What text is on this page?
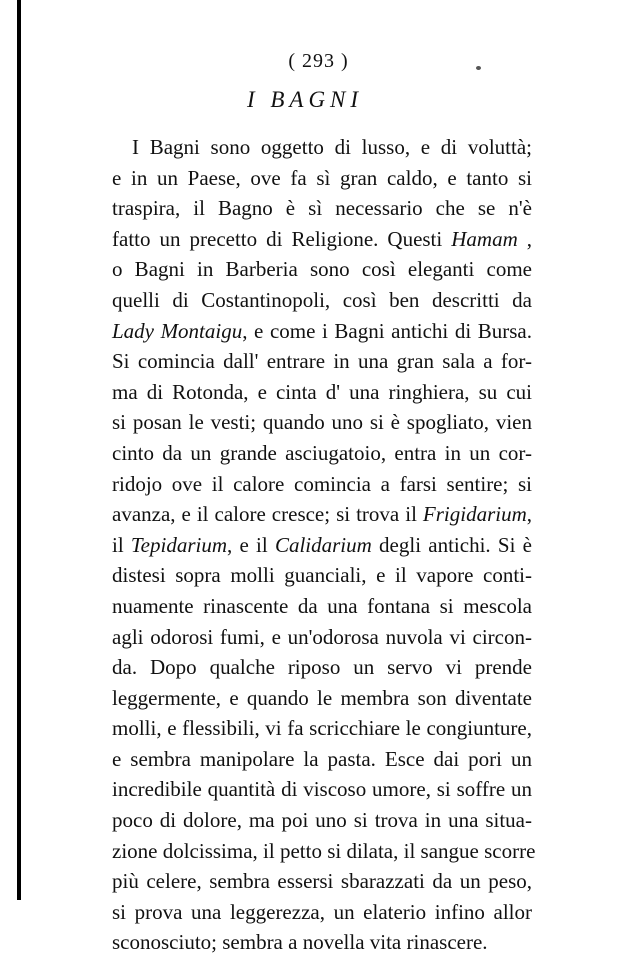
( 293 )
I BAGNI
I Bagni sono oggetto di lusso, e di voluttà;
e in un Paese, ove fa sì gran caldo, e tanto si
traspira, il Bagno è sì necessario che se n'è
fatto un precetto di Religione. Questi Hamam ,
o Bagni in Barberia sono così eleganti come
quelli di Costantinopoli, così ben descritti da
Lady Montaigu, e come i Bagni antichi di Bursa.
Si comincia dall' entrare in una gran sala a for-
ma di Rotonda, e cinta d' una ringhiera, su cui
si posan le vesti; quando uno si è spogliato, vien
cinto da un grande asciugatoio, entra in un cor-
ridojo ove il calore comincia a farsi sentire; si
avanza, e il calore cresce; si trova il Frigidarium,
il Tepidarium, e il Calidarium degli antichi. Si è
distesi sopra molli guanciali, e il vapore conti-
nuamente rinascente da una fontana si mescola
agli odorosi fumi, e un'odorosa nuvola vi circon-
da. Dopo qualche riposo un servo vi prende
leggermente, e quando le membra son diventate
molli, e flessibili, vi fa scricchiare le congiunture,
e sembra manipolare la pasta. Esce dai pori un
incredibile quantità di viscoso umore, si soffre un
poco di dolore, ma poi uno si trova in una situa-
zione dolcissima, il petto si dilata, il sangue scorre
più celere, sembra essersi sbarazzati da un peso,
si prova una leggerezza, un elaterio infino allor
sconosciuto; sembra a novella vita rinascere.
